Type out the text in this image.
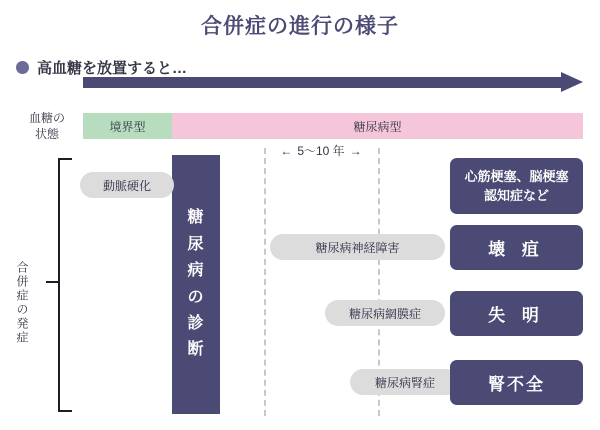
合併症の進行の様子
高血糖を放置すると…
血糖の
状態
合併症の発症
境界型	糖尿病型
糖
尿
病
の
診
断
← 5〜10 年 →
動脈硬化
心筋梗塞、脳梗塞
認知症など
糖尿病神経障害	壊 疽
糖尿病網膜症	失 明
糖尿病腎症	腎不全
